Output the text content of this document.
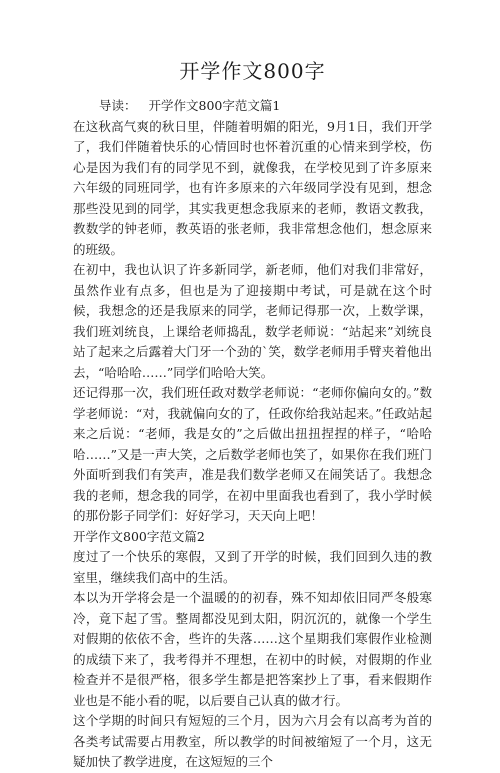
开学作文800字

导读： 开学作文800字范文篇1

在这秋高气爽的秋日里，伴随着明媚的阳光，9月1日，我们开学了，我们伴随着快乐的心情回时也怀着沉重的心情来到学校，伤心是因为我们有的同学见不到，就像我，在学校见到了许多原来六年级的同班同学，也有许多原来的六年级同学没有见到，想念那些没见到的同学，其实我更想念我原来的老师，教语文教我，教数学的钟老师，教英语的张老师，我非常想念他们，想念原来的班级。

在初中，我也认识了许多新同学，新老师，他们对我们非常好，虽然作业有点多，但也是为了迎接期中考试，可是就在这个时候，我想念的还是我原来的同学，老师记得那一次，上数学课，我们班刘统良，上课给老师捣乱，数学老师说：“站起来”刘统良站了起来之后露着大门牙一个劲的`笑，数学老师用手臂夹着他出去，“哈哈哈……”同学们哈哈大笑。

还记得那一次，我们班任政对数学老师说：“老师你偏向女的。”数学老师说：“对，我就偏向女的了，任政你给我站起来。”任政站起来之后说：“老师，我是女的”之后做出扭扭捏捏的样子，“哈哈哈……”又是一声大笑，之后数学老师也笑了，如果你在我们班门外面听到我们有笑声，准是我们数学老师又在闹笑话了。我想念我的老师，想念我的同学，在初中里面我也看到了，我小学时候的那份影子同学们：好好学习，天天向上吧！

开学作文800字范文篇2

度过了一个快乐的寒假，又到了开学的时候，我们回到久违的教室里，继续我们高中的生活。

本以为开学将会是一个温暖的的初春，殊不知却依旧同严冬般寒冷，竟下起了雪。整周都没见到太阳，阴沉沉的，就像一个学生对假期的依依不舍，些许的失落……这个星期我们寒假作业检测的成绩下来了，我考得并不理想，在初中的时候，对假期的作业检查并不是很严格，很多学生都是把答案抄上了事，看来假期作业也是不能小看的呢，以后要自己认真的做才行。

这个学期的时间只有短短的三个月，因为六月会有以高考为首的各类考试需要占用教室，所以教学的时间被缩短了一个月，这无疑加快了教学进度，在这短短的三个
